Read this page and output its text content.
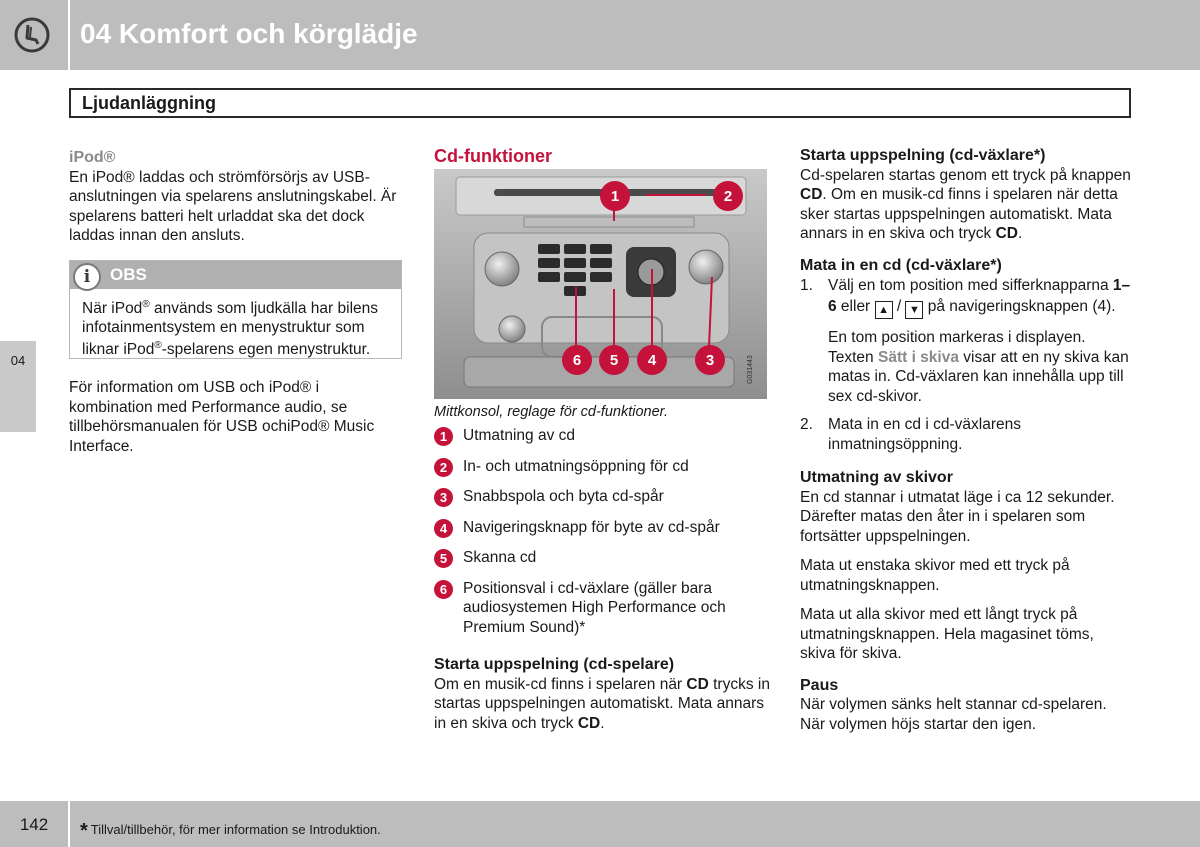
04 Komfort och körglädje
Ljudanläggning
04
iPod®
En iPod® laddas och strömförsörjs av USB-anslutningen via spelarens anslutningskabel. Är spelarens batteri helt urladdat ska det dock laddas innan den ansluts.
i	OBS
När iPod® används som ljudkälla har bilens infotainmentsystem en menystruktur som liknar iPod®-spelarens egen menystruktur.
För information om USB och iPod® i kombination med Performance audio, se tillbehörsmanualen för USB ochiPod® Music Interface.
Cd-funktioner
G031443
1	2
3
4
5
6
Mittkonsol, reglage för cd-funktioner.
1	Utmatning av cd
2	In- och utmatningsöppning för cd
3	Snabbspola och byta cd-spår
4	Navigeringsknapp för byte av cd-spår
5	Skanna cd
6	Positionsval i cd-växlare (gäller bara audiosystemen High Performance och Premium Sound)*
Starta uppspelning (cd-spelare)
Om en musik-cd finns i spelaren när CD trycks in startas uppspelningen automatiskt. Mata annars in en skiva och tryck CD.
Starta uppspelning (cd-växlare*)

Cd-spelaren startas genom ett tryck på knappen CD. Om en musik-cd finns i spelaren när detta sker startas uppspelningen automatiskt. Mata annars in en skiva och tryck CD.

Mata in en cd (cd-växlare*)
1. Välj en tom position med sifferknapparna 1–6 eller ▲ / ▼ på navigeringsknappen (4).
En tom position markeras i displayen. Texten Sätt i skiva visar att en ny skiva kan matas in. Cd-växlaren kan innehålla upp till sex cd-skivor.
2. Mata in en cd i cd-växlarens inmatningsöppning.
Utmatning av skivor

En cd stannar i utmatat läge i ca 12 sekunder. Därefter matas den åter in i spelaren som fortsätter uppspelningen.

Mata ut enstaka skivor med ett tryck på utmatningsknappen.

Mata ut alla skivor med ett långt tryck på utmatningsknappen. Hela magasinet töms, skiva för skiva.

Paus
När volymen sänks helt stannar cd-spelaren. När volymen höjs startar den igen.
142	* Tillval/tillbehör, för mer information se Introduktion.
